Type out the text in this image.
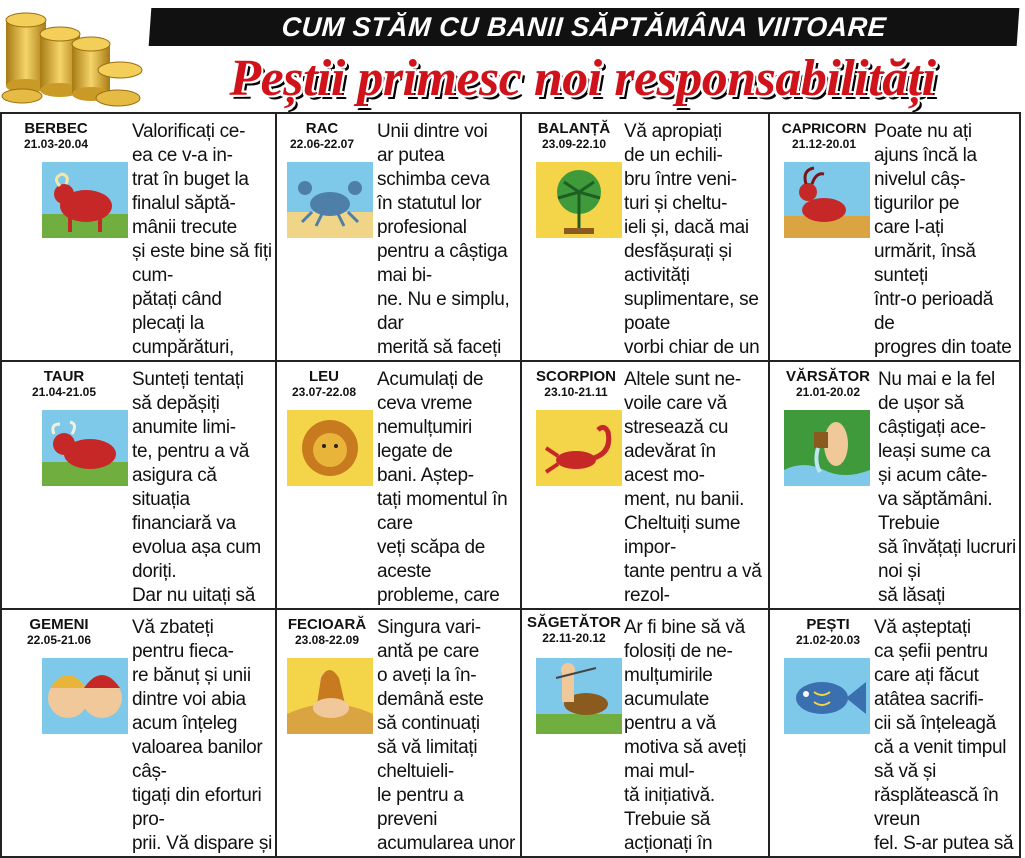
CUM STĂM CU BANII SĂPTĂMÂNA VIITOARE
Peștii primesc noi responsabilități
BERBEC
21.03-20.04
Valorificați ce-
ea ce v-a in-
trat în buget la
finalul săptă-
mânii trecute
și este bine să fiți cum-
pătați când plecați la
cumpărături,

RAC
22.06-22.07
Unii dintre voi
ar putea
schimba ceva
în statutul lor
profesional
pentru a câștiga mai bi-
ne. Nu e simplu, dar
merită să faceți

BALANȚĂ
23.09-22.10
Vă apropiați
de un echili-
bru între veni-
turi și cheltu-
ieli și, dacă mai
desfășurați și activități
suplimentare, se poate
vorbi chiar de un

CAPRICORN
21.12-20.01
Poate nu ați
ajuns încă la
nivelul câș-
tigurilor pe
care l-ați
urmărit, însă sunteți
într-o perioadă de
progres din toate

TAUR
21.04-21.05
Sunteți tentați
să depășiți
anumite limi-
te, pentru a vă
asigura că
situația financiară va
evolua așa cum doriți.
Dar nu uitați să

LEU
23.07-22.08
Acumulați de
ceva vreme
nemulțumiri
legate de
bani. Aștep-
tați momentul în care
veți scăpa de aceste
probleme, care

SCORPION
23.10-21.11
Altele sunt ne-
voile care vă
stresează cu
adevărat în
acest mo-
ment, nu banii.
Cheltuiți sume impor-
tante pentru a vă rezol-

VĂRSĂTOR
21.01-20.02
Nu mai e la fel
de ușor să
câștigați ace-
leași sume ca
și acum câte-
va săptămâni. Trebuie
să învățați lucruri noi și
să lăsați

GEMENI
22.05-21.06
Vă zbateți
pentru fieca-
re bănuț și unii
dintre voi abia
acum înțeleg
valoarea banilor câș-
tigați din eforturi pro-
prii. Vă dispare și

FECIOARĂ
23.08-22.09
Singura vari-
antă pe care
o aveți la în-
demână este
să continuați
să vă limitați cheltuieli-
le pentru a preveni
acumularea unor

SĂGETĂTOR
22.11-20.12 Ar fi bine să vă
folosiți de ne-
mulțumirile
acumulate
pentru a vă
motiva să aveți mai mul-
tă inițiativă. Trebuie să
acționați în

PEȘTI
21.02-20.03
Vă așteptați
ca șefii pentru
care ați făcut
atâtea sacrifi-
cii să înțeleagă
că a venit timpul să vă și
răsplătească în vreun
fel. S-ar putea să
